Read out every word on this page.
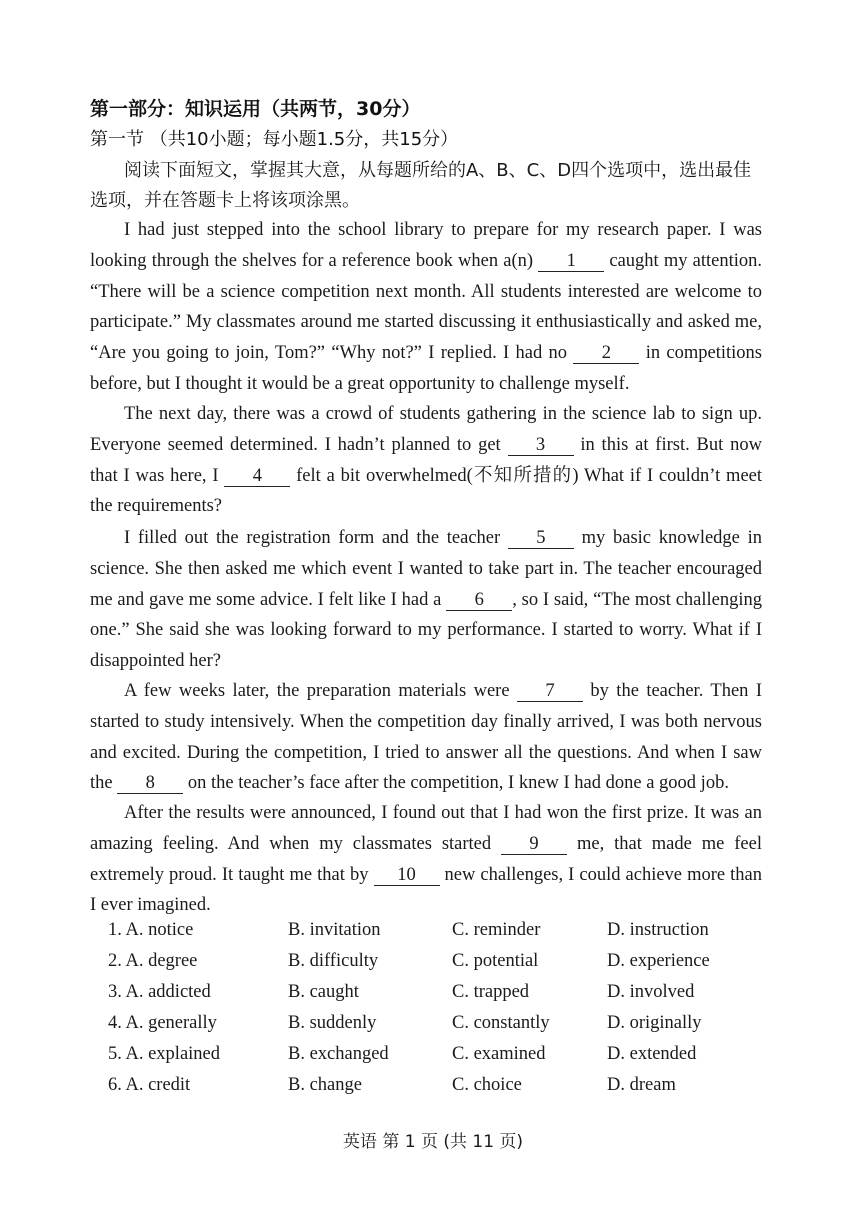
第一部分：知识运用（共两节，30分）
第一节 （共10小题；每小题1.5分，共15分）
阅读下面短文，掌握其大意，从每题所给的A、B、C、D四个选项中，选出最佳选项，并在答题卡上将该项涂黑。
I had just stepped into the school library to prepare for my research paper. I was looking through the shelves for a reference book when a(n) 1 caught my attention. “There will be a science competition next month. All students interested are welcome to participate.” My classmates around me started discussing it enthusiastically and asked me, “Are you going to join, Tom?” “Why not?” I replied. I had no 2 in competitions before, but I thought it would be a great opportunity to challenge myself.
The next day, there was a crowd of students gathering in the science lab to sign up. Everyone seemed determined. I hadn’t planned to get 3 in this at first. But now that I was here, I 4 felt a bit overwhelmed(不知所措的) What if I couldn’t meet the requirements?
I filled out the registration form and the teacher 5 my basic knowledge in science. She then asked me which event I wanted to take part in. The teacher encouraged me and gave me some advice. I felt like I had a 6 , so I said, “The most challenging one.” She said she was looking forward to my performance. I started to worry. What if I disappointed her?
A few weeks later, the preparation materials were 7 by the teacher. Then I started to study intensively. When the competition day finally arrived, I was both nervous and excited. During the competition, I tried to answer all the questions. And when I saw the 8 on the teacher’s face after the competition, I knew I had done a good job.
After the results were announced, I found out that I had won the first prize. It was an amazing feeling. And when my classmates started 9 me, that made me feel extremely proud. It taught me that by 10 new challenges, I could achieve more than I ever imagined.
1. A. notice	B. invitation	C. reminder	D. instruction
2. A. degree	B. difficulty	C. potential	D. experience
3. A. addicted	B. caught	C. trapped	D. involved
4. A. generally	B. suddenly	C. constantly	D. originally
5. A. explained	B. exchanged	C. examined	D. extended
6. A. credit	B. change	C. choice	D. dream
英语 第 1 页 (共 11 页)
